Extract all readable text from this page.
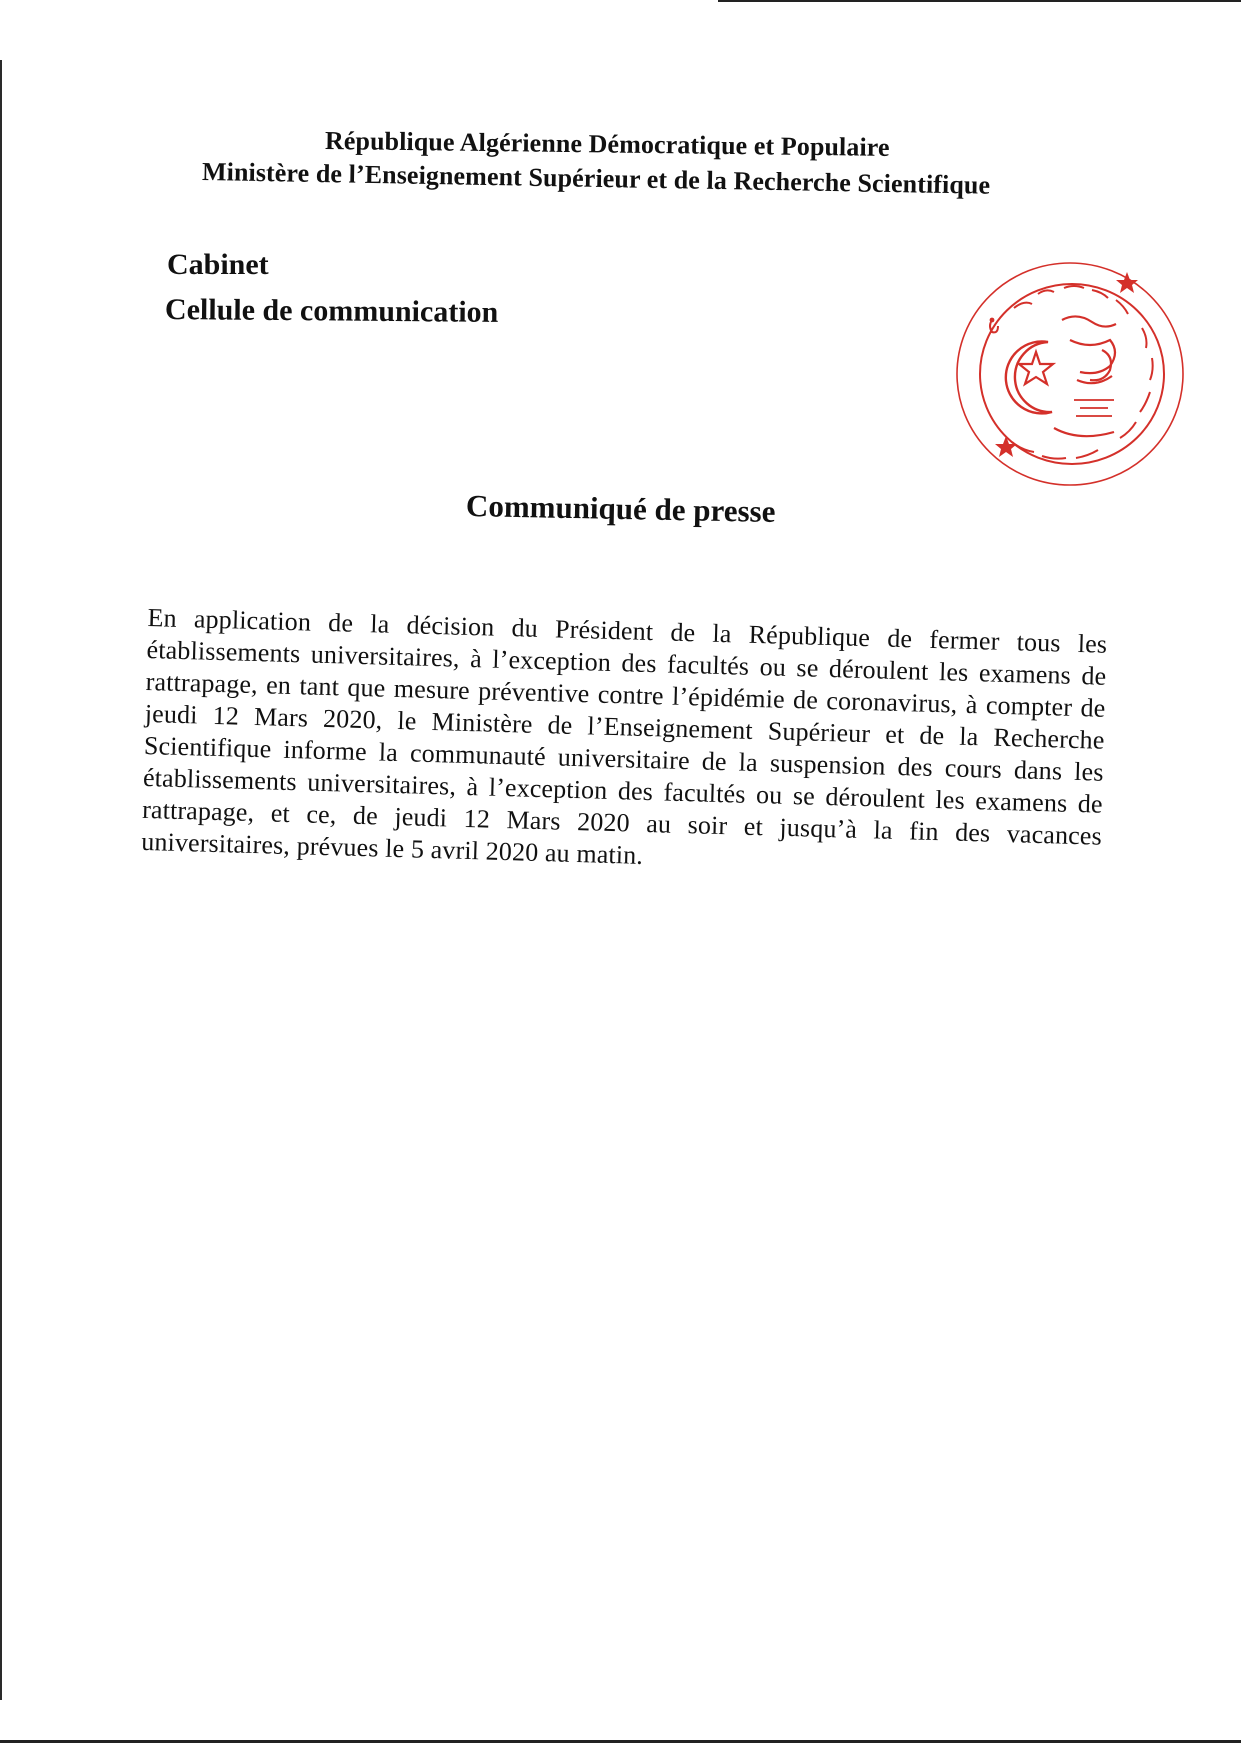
République Algérienne Démocratique et Populaire
Ministère de l’Enseignement Supérieur et de la Recherche Scientifique
Cabinet
Cellule de communication
Communiqué de presse
En application de la décision du Président de la République de fermer tous les établissements universitaires, à l’exception des facultés ou se déroulent les examens de rattrapage, en tant que mesure préventive contre l’épidémie de coronavirus, à compter de jeudi 12 Mars 2020, le Ministère de l’Enseignement Supérieur et de la Recherche Scientifique informe la communauté universitaire de la suspension des cours dans les établissements universitaires, à l’exception des facultés ou se déroulent les examens de rattrapage, et ce, de jeudi 12 Mars 2020 au soir et jusqu’à la fin des vacances universitaires, prévues le 5 avril 2020 au matin.
